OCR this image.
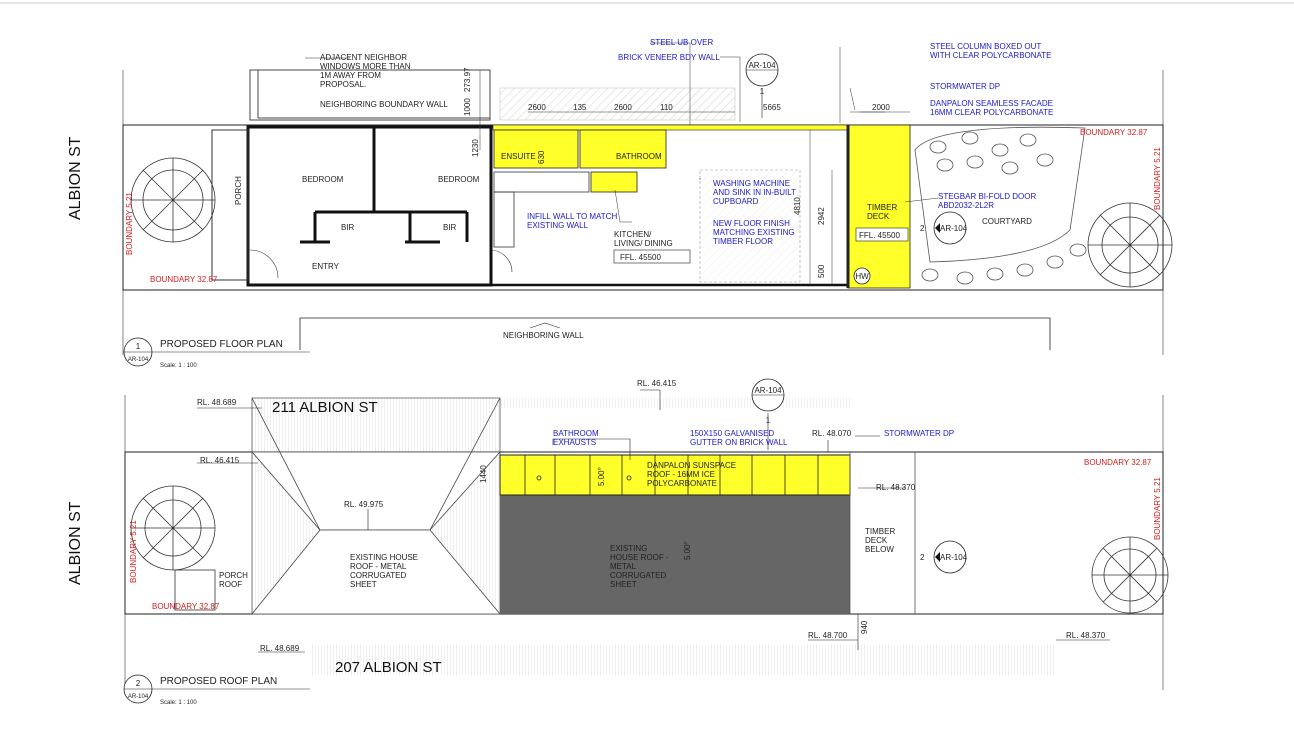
ALBION ST
AR-104
1
2 AR-104
HW
BEDROOM	BEDROOM
PORCH
BIR	BIR
ENTRY
ENSUITE	BATHROOM
KITCHEN/
LIVING/ DINING
FFL. 45500
TIMBER
DECK
FFL. 45500
COURTYARD
ADJACENT NEIGHBOR
WINDOWS MORE THAN
1M AWAY FROM
PROPOSAL.
NEIGHBORING BOUNDARY WALL
NEIGHBORING WALL
STEEL UB OVER
BRICK VENEER BDY WALL
STEEL COLUMN BOXED OUT
WITH CLEAR POLYCARBONATE
STORMWATER DP
DANPALON SEAMLESS FACADE
16MM CLEAR POLYCARBONATE
WASHING MACHINE
AND SINK IN IN-BUILT
CUPBOARD
NEW FLOOR FINISH
MATCHING EXISTING
TIMBER FLOOR
INFILL WALL TO MATCH
EXISTING WALL
STEGBAR BI-FOLD DOOR
ABD2032-2L2R
273.97
1000
1230
630
2600	135	2600	110	5665	2000
4810
2942
500
BOUNDARY 32.87
BOUNDARY 32.87
BOUNDARY 5.21
BOUNDARY 5.21
1
AR-104
PROPOSED FLOOR PLAN
Scale: 1 : 100
ALBION ST
AR-104
1
2 AR-104
211 ALBION ST
207 ALBION ST
RL. 48.689
RL. 46.415
RL. 46.415
RL. 49.975
RL. 48.070
RL. 48.370
RL. 48.700
RL. 48.689
RL. 48.370
BATHROOM
EXHAUSTS
150X150 GALVANISED
GUTTER ON BRICK WALL
STORMWATER DP
DANPALON SUNSPACE
ROOF - 16MM ICE
POLYCARBONATE
EXISTING HOUSE
ROOF - METAL
CORRUGATED
SHEET
EXISTING
HOUSE ROOF -
METAL
CORRUGATED
SHEET
TIMBER
DECK
BELOW
PORCH
ROOF
1440	5.00°
5.00°
940
BOUNDARY 32.87
BOUNDARY 32.87
BOUNDARY 5.21
BOUNDARY 5.21
2
AR-104
PROPOSED ROOF PLAN
Scale: 1 : 100
